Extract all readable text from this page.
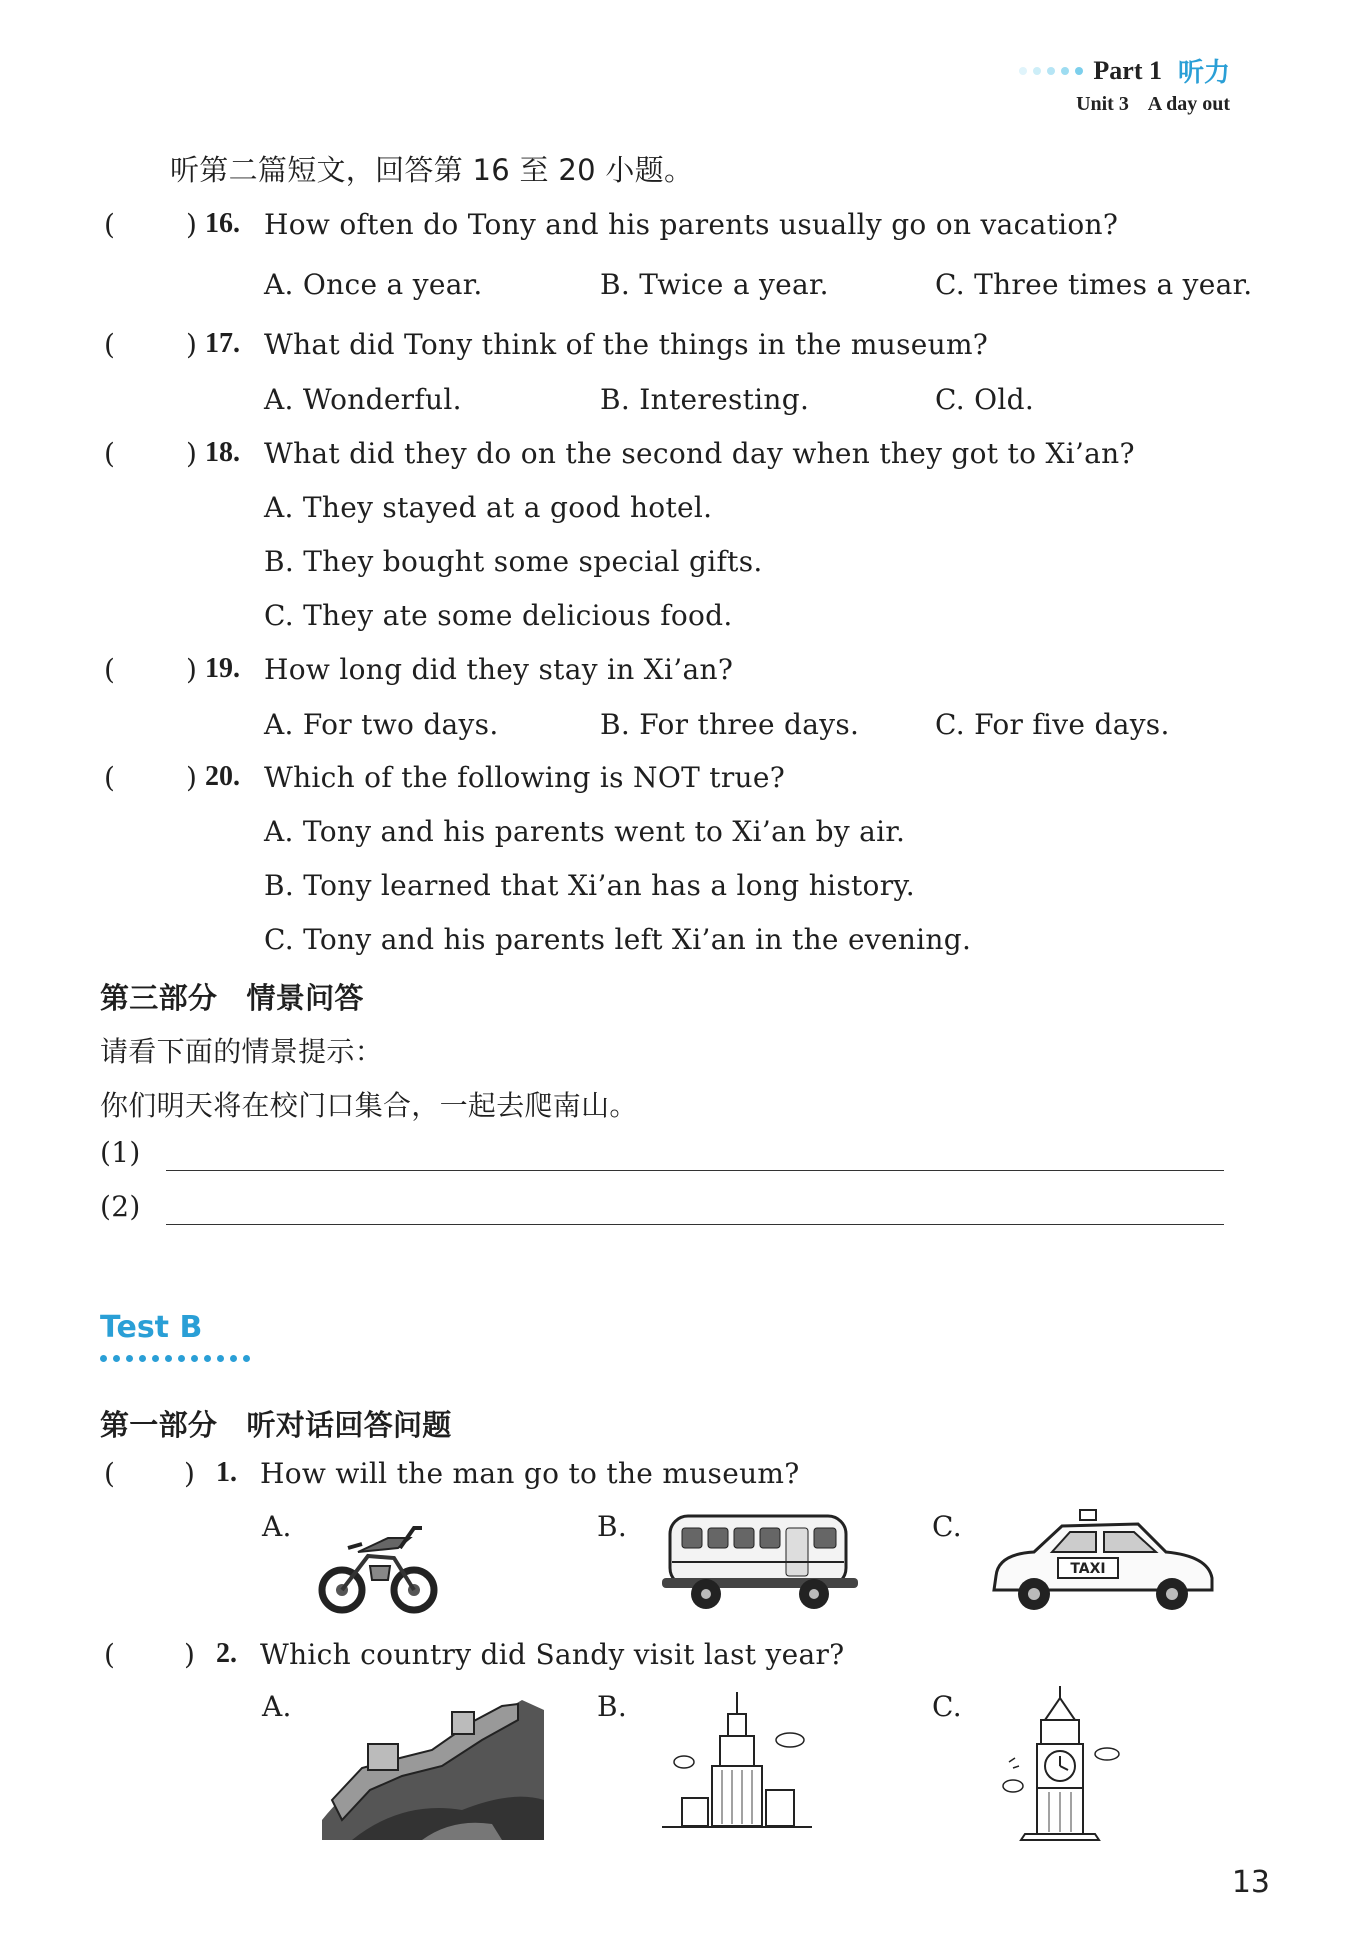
Part 1 听力
Unit 3    A day out
听第二篇短文，回答第 16 至 20 小题。
(	) 16. How often do Tony and his parents usually go on vacation?
A. Once a year.	B. Twice a year.	C. Three times a year.
(	) 17. What did Tony think of the things in the museum?
A. Wonderful.	B. Interesting.	C. Old.
(	) 18. What did they do on the second day when they got to Xi’an?
A. They stayed at a good hotel.
B. They bought some special gifts.
C. They ate some delicious food.
(	) 19. How long did they stay in Xi’an?
A. For two days.	B. For three days.	C. For five days.
(	) 20. Which of the following is NOT true?
A. Tony and his parents went to Xi’an by air.
B. Tony learned that Xi’an has a long history.
C. Tony and his parents left Xi’an in the evening.
第三部分　情景问答
请看下面的情景提示：
你们明天将在校门口集合，一起去爬南山。
(1)
(2)
Test B
第一部分　听对话回答问题
( ) 1. How will the man go to the museum?
A.	B.	C.
TAXI
( ) 2. Which country did Sandy visit last year?
A.	B.	C.
13
